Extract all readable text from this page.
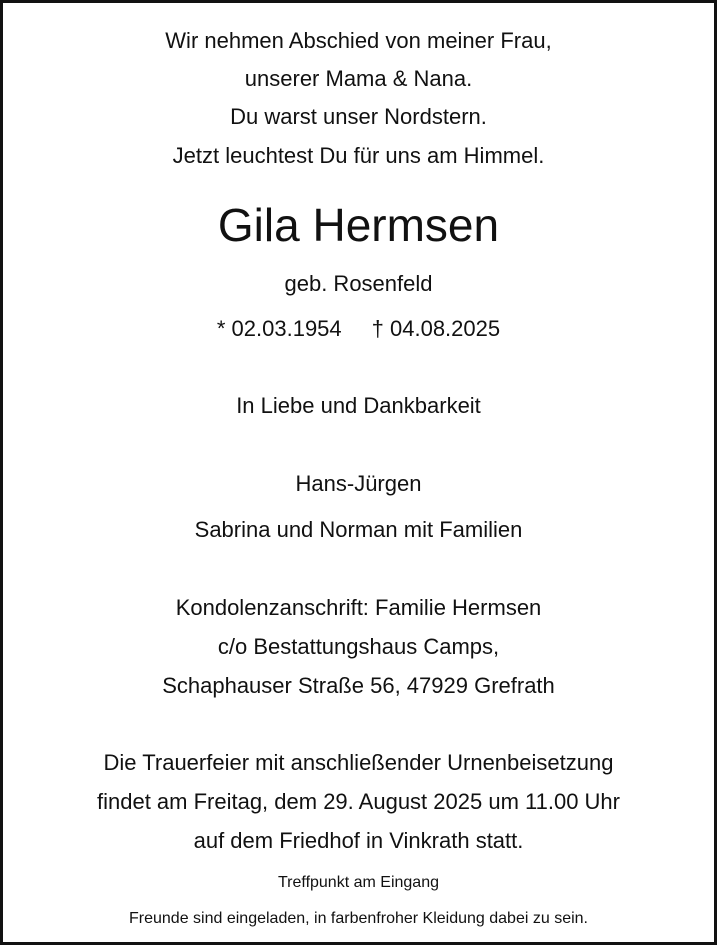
Wir nehmen Abschied von meiner Frau,
unserer Mama & Nana.
Du warst unser Nordstern.
Jetzt leuchtest Du für uns am Himmel.
Gila Hermsen
geb. Rosenfeld
* 02.03.1954 † 04.08.2025
In Liebe und Dankbarkeit
Hans-Jürgen
Sabrina und Norman mit Familien
Kondolenzanschrift: Familie Hermsen
c/o Bestattungshaus Camps,
Schaphauser Straße 56, 47929 Grefrath
Die Trauerfeier mit anschließender Urnenbeisetzung
findet am Freitag, dem 29. August 2025 um 11.00 Uhr
auf dem Friedhof in Vinkrath statt.
Treffpunkt am Eingang
Freunde sind eingeladen, in farbenfroher Kleidung dabei zu sein.
